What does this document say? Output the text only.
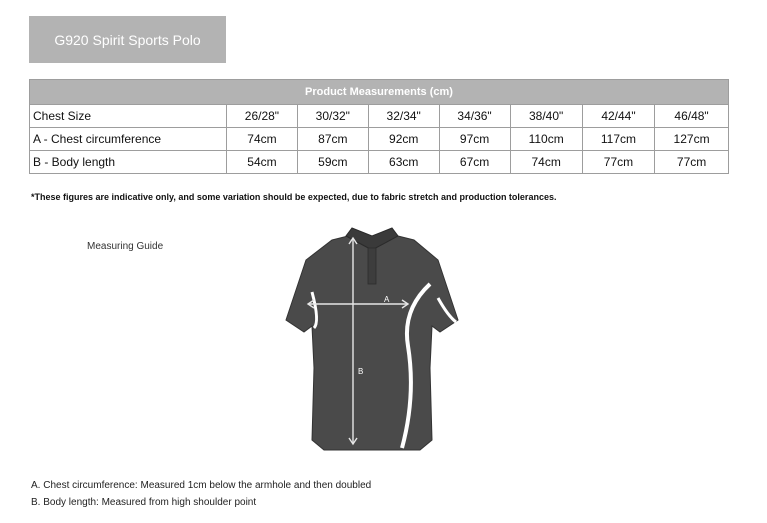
G920 Spirit Sports Polo
Product Measurements (cm)							
Chest Size	26/28"	30/32"	32/34"	34/36"	38/40"	42/44"	46/48"
A - Chest circumference	74cm	87cm	92cm	97cm	110cm	117cm	127cm
B - Body length	54cm	59cm	63cm	67cm	74cm	77cm	77cm
*These figures are indicative only, and some variation should be expected, due to fabric stretch and production tolerances.
Measuring Guide
A
B
A. Chest circumference: Measured 1cm below the armhole and then doubled
B. Body length: Measured from high shoulder point
